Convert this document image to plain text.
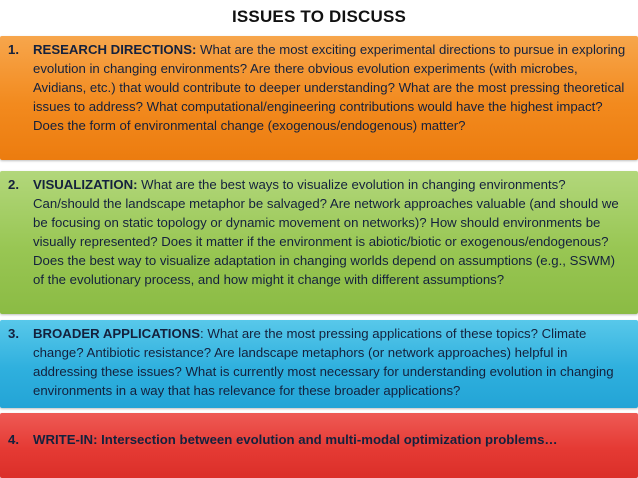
ISSUES TO DISCUSS
1. RESEARCH DIRECTIONS: What are the most exciting experimental directions to pursue in exploring evolution in changing environments? Are there obvious evolution experiments (with microbes, Avidians, etc.) that would contribute to deeper understanding? What are the most pressing theoretical issues to address? What computational/engineering contributions would have the highest impact? Does the form of environmental change (exogenous/endogenous) matter?
2. VISUALIZATION: What are the best ways to visualize evolution in changing environments? Can/should the landscape metaphor be salvaged? Are network approaches valuable (and should we be focusing on static topology or dynamic movement on networks)? How should environments be visually represented? Does it matter if the environment is abiotic/biotic or exogenous/endogenous? Does the best way to visualize adaptation in changing worlds depend on assumptions (e.g., SSWM) of the evolutionary process, and how might it change with different assumptions?
3. BROADER APPLICATIONS: What are the most pressing applications of these topics? Climate change? Antibiotic resistance? Are landscape metaphors (or network approaches) helpful in addressing these issues? What is currently most necessary for understanding evolution in changing environments in a way that has relevance for these broader applications?
4. WRITE-IN: Intersection between evolution and multi-modal optimization problems…
